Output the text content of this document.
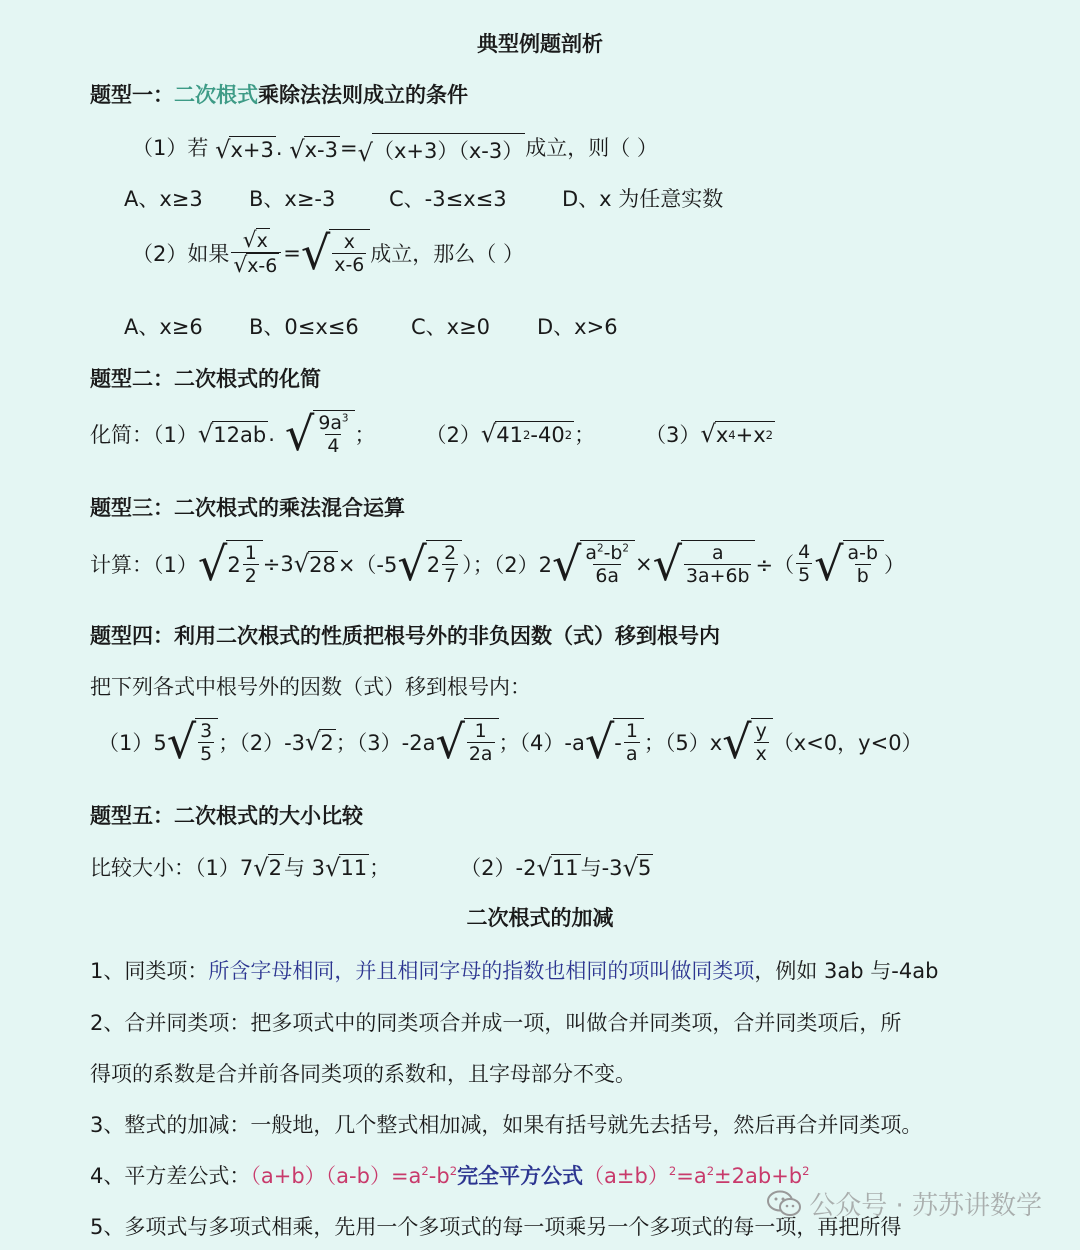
典型例题剖析
题型一：二次根式乘除法法则成立的条件
（1）若 √ x+3 . √ x-3 = √ （x+3）（x-3） 成立，则（ ）
A、x≥3 B、x≥-3	C、-3≤x≤3	D、x 为任意实数
（2）如果 $\frac{√ x}{√ x-6}$ = √ $\frac{x}{x-6}$ 成立，那么（ ）
A、x≥6 B、0≤x≤6 C、x≥0 D、x>6
题型二：二次根式的化简
化简：（1） √ 12ab . √ $\frac{9a^3}{4}$ ； （2） √ 41 2 -40 2 ； （3） √ x 4 +x 2
题型三：二次根式的乘法混合运算
计算：（1） √ $2 \frac{1}{2} \div 3$ √ 28 ×（-5 √ $2 \frac{2}{7}$ ）；（2）2 √ $\frac{a^2-b^2}{6a}$ × √ $\frac{a}{3a+6b}$ ÷（ $\frac{4}{5}$ √ $\frac{a-b}{b}$ ）
题型四：利用二次根式的性质把根号外的非负因数（式）移到根号内
把下列各式中根号外的因数（式）移到根号内：
（1）5 √ $\frac{3}{5}$ ；（2）-3 √ 2 ；（3）-2a √ $\frac{1}{2a}$ ；（4）-a √ - $\frac{1}{a}$ ；（5）x √ $\frac{y}{x} (x<0$，y<0）
题型五：二次根式的大小比较
比较大小：（1）7 √ 2 与 3 √ 11 ；	（2）-2 √ 11 与-3 √ 5
二次根式的加减
1、同类项：所含字母相同，并且相同字母的指数也相同的项叫做同类项，例如 3ab 与-4ab
2、合并同类项：把多项式中的同类项合并成一项，叫做合并同类项，合并同类项后，所
得项的系数是合并前各同类项的系数和，且字母部分不变。
3、整式的加减：一般地，几个整式相加减，如果有括号就先去括号，然后再合并同类项。
4、平方差公式：$(a+b)(a-b)=a^2-b^2$完全平方公式$(a\pm b)^2=a^2\pm 2ab+b^2$
5、多项式与多项式相乘，先用一个多项式的每一项乘另一个多项式的每一项，再把所得
公众号 · 苏苏讲数学
